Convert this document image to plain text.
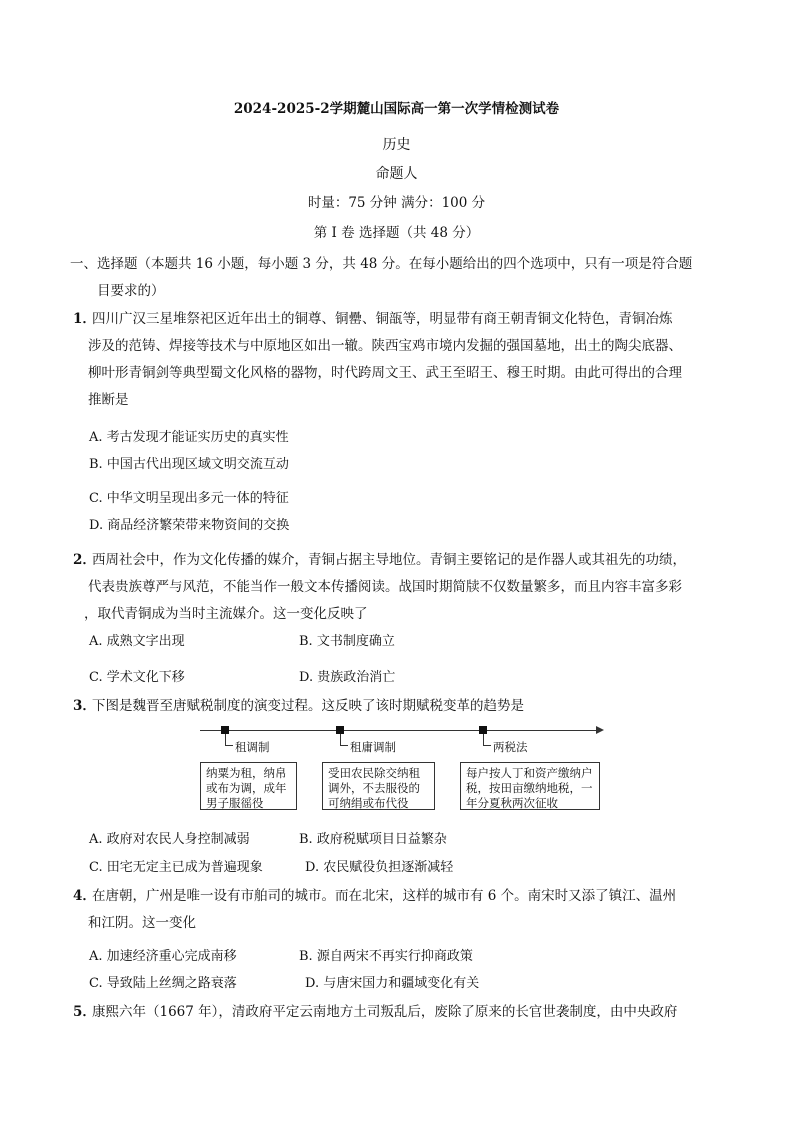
2024-2025-2学期麓山国际高一第一次学情检测试卷
历史
命题人
时量：75 分钟 满分：100 分
第 I 卷 选择题（共 48 分）
一、选择题（本题共 16 小题，每小题 3 分，共 48 分。在每小题给出的四个选项中，只有一项是符合题
目要求的）
1．
四川广汉三星堆祭祀区近年出土的铜尊、铜罍、铜瓿等，明显带有商王朝青铜文化特色，青铜冶炼
涉及的范铸、焊接等技术与中原地区如出一辙。陕西宝鸡市境内发掘的强国墓地，出土的陶尖底器、
柳叶形青铜剑等典型蜀文化风格的器物，时代跨周文王、武王至昭王、穆王时期。由此可得出的合理
推断是
A. 考古发现才能证实历史的真实性
B. 中国古代出现区域文明交流互动
C. 中华文明呈现出多元一体的特征
D. 商品经济繁荣带来物资间的交换
2．
西周社会中，作为文化传播的媒介，青铜占据主导地位。青铜主要铭记的是作器人或其祖先的功绩，
代表贵族尊严与风范，不能当作一般文本传播阅读。战国时期简牍不仅数量繁多，而且内容丰富多彩
，取代青铜成为当时主流媒介。这一变化反映了
A. 成熟文字出现	B. 文书制度确立
C. 学术文化下移	D. 贵族政治消亡
3．
下图是魏晋至唐赋税制度的演变过程。这反映了该时期赋税变革的趋势是
租调制
纳粟为租，纳帛或布为调，成年男子服徭役
租庸调制
受田农民除交纳租调外，不去服役的可纳绢或布代役
两税法
每户按人丁和资产缴纳户税，按田亩缴纳地税，一年分夏秋两次征收
A. 政府对农民人身控制减弱	B. 政府税赋项目日益繁杂
C. 田宅无定主已成为普遍现象	D. 农民赋役负担逐渐减轻
4．
在唐朝，广州是唯一设有市舶司的城市。而在北宋，这样的城市有 6 个。南宋时又添了镇江、温州
和江阴。这一变化
A. 加速经济重心完成南移	B. 源自两宋不再实行抑商政策
C. 导致陆上丝绸之路衰落	D. 与唐宋国力和疆域变化有关
5．
康熙六年（1667 年），清政府平定云南地方土司叛乱后，废除了原来的长官世袭制度，由中央政府
